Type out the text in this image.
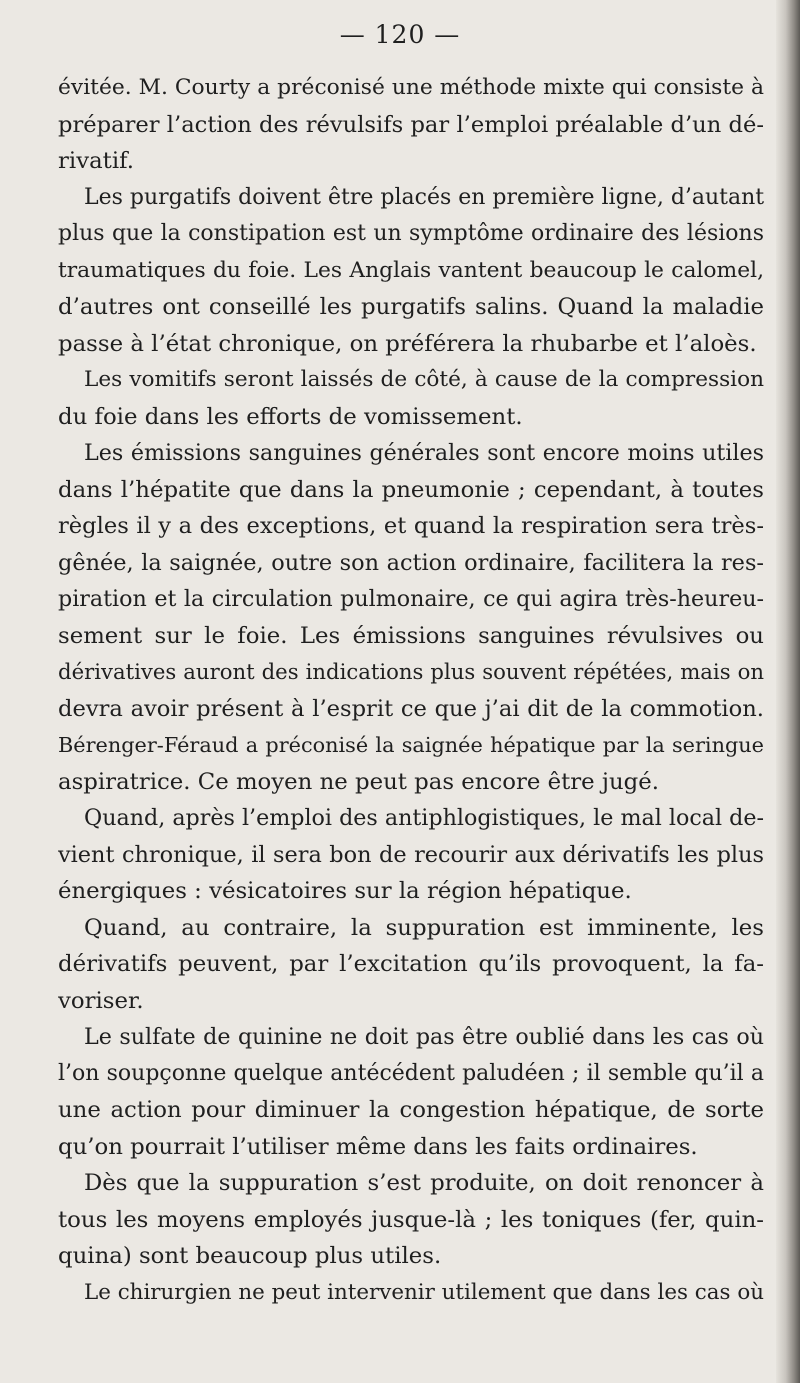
— 120 —
évitée. M. Courty a préconisé une méthode mixte qui consiste à
préparer l’action des révulsifs par l’emploi préalable d’un dé-
rivatif.
Les purgatifs doivent être placés en première ligne, d’autant
plus que la constipation est un symptôme ordinaire des lésions
traumatiques du foie. Les Anglais vantent beaucoup le calomel,
d’autres ont conseillé les purgatifs salins. Quand la maladie
passe à l’état chronique, on préférera la rhubarbe et l’aloès.
Les vomitifs seront laissés de côté, à cause de la compression
du foie dans les efforts de vomissement.
Les émissions sanguines générales sont encore moins utiles
dans l’hépatite que dans la pneumonie ; cependant, à toutes
règles il y a des exceptions, et quand la respiration sera très-
gênée, la saignée, outre son action ordinaire, facilitera la res-
piration et la circulation pulmonaire, ce qui agira très-heureu-
sement sur le foie. Les émissions sanguines révulsives ou
dérivatives auront des indications plus souvent répétées, mais on
devra avoir présent à l’esprit ce que j’ai dit de la commotion.
Bérenger-Féraud a préconisé la saignée hépatique par la seringue
aspiratrice. Ce moyen ne peut pas encore être jugé.
Quand, après l’emploi des antiphlogistiques, le mal local de-
vient chronique, il sera bon de recourir aux dérivatifs les plus
énergiques : vésicatoires sur la région hépatique.
Quand, au contraire, la suppuration est imminente, les
dérivatifs peuvent, par l’excitation qu’ils provoquent, la fa-
voriser.
Le sulfate de quinine ne doit pas être oublié dans les cas où
l’on soupçonne quelque antécédent paludéen ; il semble qu’il a
une action pour diminuer la congestion hépatique, de sorte
qu’on pourrait l’utiliser même dans les faits ordinaires.
Dès que la suppuration s’est produite, on doit renoncer à
tous les moyens employés jusque-là ; les toniques (fer, quin-
quina) sont beaucoup plus utiles.
Le chirurgien ne peut intervenir utilement que dans les cas où
